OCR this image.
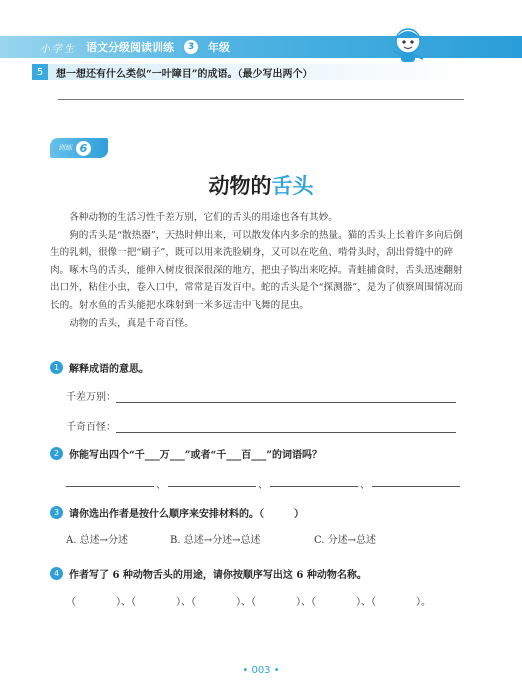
小学生 语文分级阅读训练	3	年级
5	想一想还有什么类似“一叶障目”的成语。（最少写出两个）
训练 6
动物的舌头

各种动物的生活习性千差万别，它们的舌头的用途也各有其妙。

狗的舌头是“散热器”，天热时伸出来，可以散发体内多余的热量。猫的舌头上长着许多向后倒生的乳刺，很像一把“刷子”，既可以用来洗脸刷身，又可以在吃鱼、啃骨头时，刮出骨缝中的碎肉。啄木鸟的舌头，能伸入树皮很深很深的地方，把虫子钩出来吃掉。青蛙捕食时，舌头迅速翻射出口外，粘住小虫，卷入口中，常常是百发百中。蛇的舌头是个“探测器”，是为了侦察周围情况而长的。射水鱼的舌头能把水珠射到一米多远击中飞舞的昆虫。

动物的舌头，真是千奇百怪。

1 解释成语的意思。
千差万别：
千奇百怪：
2 你能写出四个“千___万___”或者“千___百___”的词语吗？
、	、	、
3 请你选出作者是按什么顺序来安排材料的。（　　　）
A. 总述→分述	B. 总述→分述→总述	C. 分述→总述
4 作者写了 6 种动物舌头的用途，请你按顺序写出这 6 种动物名称。
（　　　　）、（　　　　）、（　　　　）、（　　　　）、（　　　　）、（　　　　）。
• 003 •
